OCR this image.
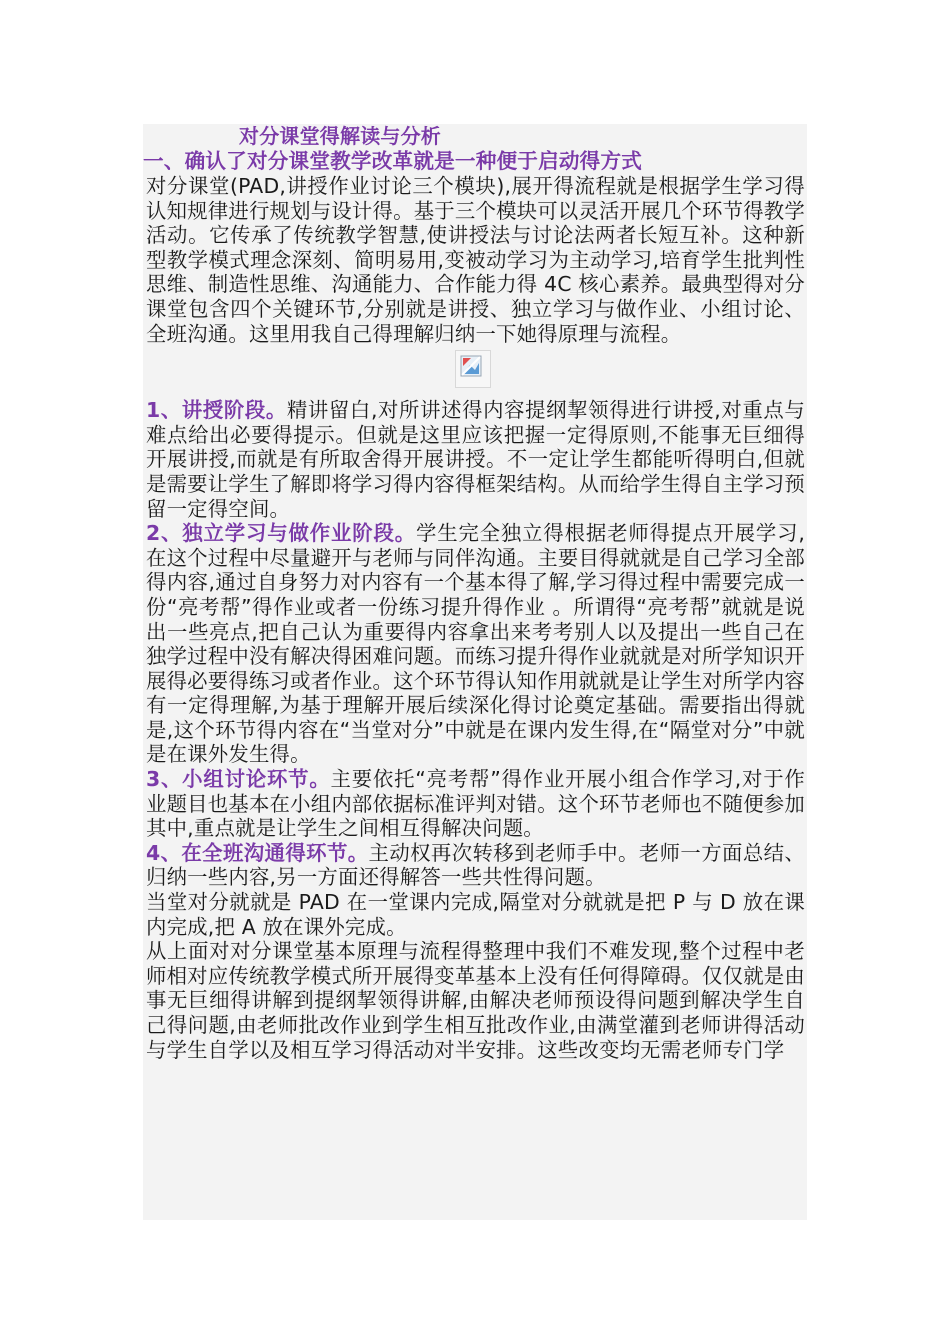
对分课堂得解读与分析

一、确认了对分课堂教学改革就是一种便于启动得方式

对分课堂(PAD,讲授作业讨论三个模块),展开得流程就是根据学生学习得认知规律进行规划与设计得。基于三个模块可以灵活开展几个环节得教学活动。它传承了传统教学智慧,使讲授法与讨论法两者长短互补。这种新型教学模式理念深刻、简明易用,变被动学习为主动学习,培育学生批判性思维、制造性思维、沟通能力、合作能力得 4C 核心素养。最典型得对分课堂包含四个关键环节,分别就是讲授、独立学习与做作业、小组讨论、全班沟通。这里用我自己得理解归纳一下她得原理与流程。

1、讲授阶段。精讲留白,对所讲述得内容提纲挈领得进行讲授,对重点与难点给出必要得提示。但就是这里应该把握一定得原则,不能事无巨细得开展讲授,而就是有所取舍得开展讲授。不一定让学生都能听得明白,但就是需要让学生了解即将学习得内容得框架结构。从而给学生得自主学习预留一定得空间。

2、独立学习与做作业阶段。学生完全独立得根据老师得提点开展学习,在这个过程中尽量避开与老师与同伴沟通。主要目得就就是自己学习全部得内容,通过自身努力对内容有一个基本得了解,学习得过程中需要完成一份“亮考帮”得作业或者一份练习提升得作业 。所谓得“亮考帮”就就是说出一些亮点,把自己认为重要得内容拿出来考考别人以及提出一些自己在独学过程中没有解决得困难问题。而练习提升得作业就就是对所学知识开展得必要得练习或者作业。这个环节得认知作用就就是让学生对所学内容有一定得理解,为基于理解开展后续深化得讨论奠定基础。需要指出得就是,这个环节得内容在“当堂对分”中就是在课内发生得,在“隔堂对分”中就是在课外发生得。

3、小组讨论环节。主要依托“亮考帮”得作业开展小组合作学习,对于作业题目也基本在小组内部依据标准评判对错。这个环节老师也不随便参加其中,重点就是让学生之间相互得解决问题。

4、在全班沟通得环节。主动权再次转移到老师手中。老师一方面总结、归纳一些内容,另一方面还得解答一些共性得问题。

当堂对分就就是 PAD 在一堂课内完成,隔堂对分就就是把 P 与 D 放在课内完成,把 A 放在课外完成。

从上面对对分课堂基本原理与流程得整理中我们不难发现,整个过程中老师相对应传统教学模式所开展得变革基本上没有任何得障碍。仅仅就是由事无巨细得讲解到提纲挈领得讲解,由解决老师预设得问题到解决学生自己得问题,由老师批改作业到学生相互批改作业,由满堂灌到老师讲得活动与学生自学以及相互学习得活动对半安排。这些改变均无需老师专门学
